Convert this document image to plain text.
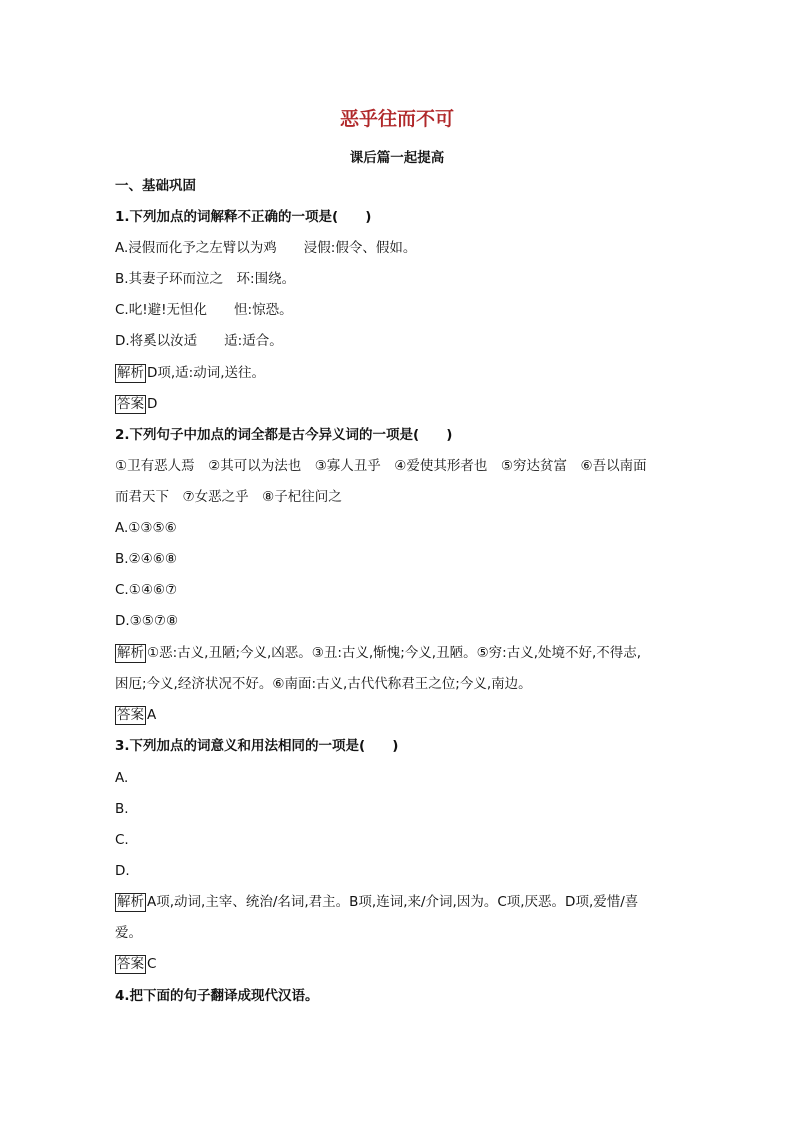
恶乎往而不可
课后篇一起提高
一、基础巩固
1.下列加点的词解释不正确的一项是(　　)
A.浸假而化予之左臂以为鸡　　浸假:假令、假如。
B.其妻子环而泣之　环:围绕。
C.叱!避!无怛化　　怛:惊恐。
D.将奚以汝适　　适:适合。
解析 D项,适:动词,送往。
答案 D
2.下列句子中加点的词全都是古今异义词的一项是(　　)
①卫有恶人焉　②其可以为法也　③寡人丑乎　④爱使其形者也　⑤穷达贫富　⑥吾以南面
而君天下　⑦女恶之乎　⑧子杞往问之
A.①③⑤⑥
B.②④⑥⑧
C.①④⑥⑦
D.③⑤⑦⑧
解析 ①恶:古义,丑陋;今义,凶恶。③丑:古义,惭愧;今义,丑陋。⑤穷:古义,处境不好,不得志,
困厄;今义,经济状况不好。⑥南面:古义,古代代称君王之位;今义,南边。
答案 A
3.下列加点的词意义和用法相同的一项是(　　)
A.
B.
C.
D.
解析 A项,动词,主宰、统治/名词,君主。B项,连词,来/介词,因为。C项,厌恶。D项,爱惜/喜
爱。
答案 C
4.把下面的句子翻译成现代汉语。
